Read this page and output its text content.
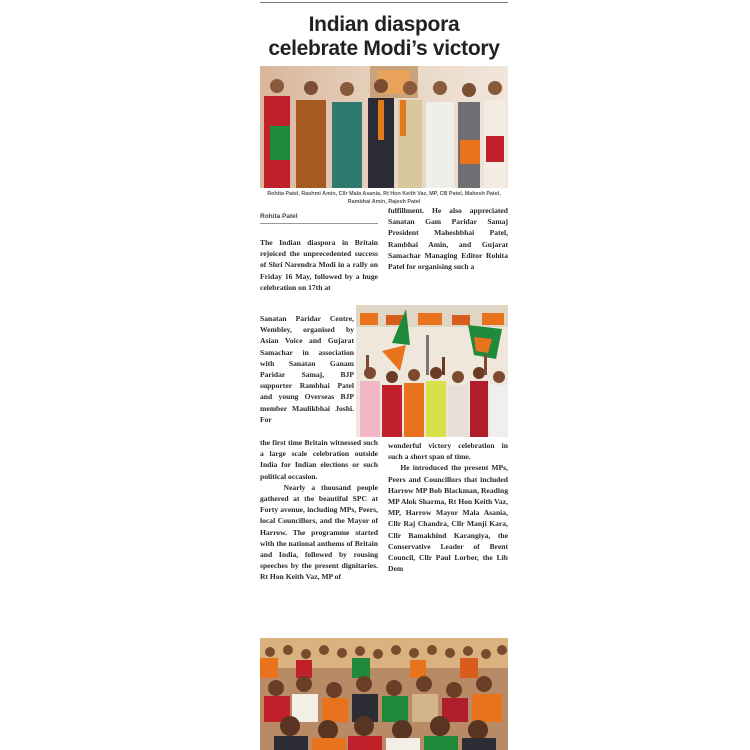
Indian diaspora
celebrate Modi’s victory
Rohita Patel, Rashmi Amin, Cllr Mala Asania, Rt Hon Keith Vaz, MP, CB Patel, Mahesh Patel, Rambhai Amin, Rajesh Patel
Rohita Patel
The Indian diaspora in Britain rejoiced the unprecedented success of Shri Narendra Modi in a rally on Friday 16 May, followed by a huge celebration on 17th at
Sanatan Paridar Centre, Wembley, organised by Asian Voice and Gujarat Samachar in association with Sanatan Ganam Paridar Samaj, BJP supporter Rambhai Patel and young Overseas BJP member Maulikbhai Joshi. For
the first time Britain witnessed such a large scale celebration outside India for Indian elections or such political occasion.
Nearly a thousand people gathered at the beautiful SPC at Forty avenue, including MPs, Peers, local Councillors, and the Mayor of Harrow. The programme started with the national anthems of Britain and India, followed by rousing speeches by the present dignitaries. Rt Hon Keith Vaz, MP of
fulfillment. He also appreciated Sanatan Gam Paridar Samaj President Maheshbhai Patel, Rambhai Amin, and Gujarat Samachar Managing Editor Rohita Patel for organising such a
wonderful victory celebration in such a short span of time.
He introduced the present MPs, Peers and Councillors that included Harrow MP Bob Blackman, Reading MP Alok Sharma, Rt Hon Keith Vaz, MP, Harrow Mayor Mala Asania, Cllr Raj Chandra, Cllr Manji Kara, Cllr Bamakhind Karangiya, the Conservative Leader of Brent Council, Cllr Paul Lorber, the Lib Dem
